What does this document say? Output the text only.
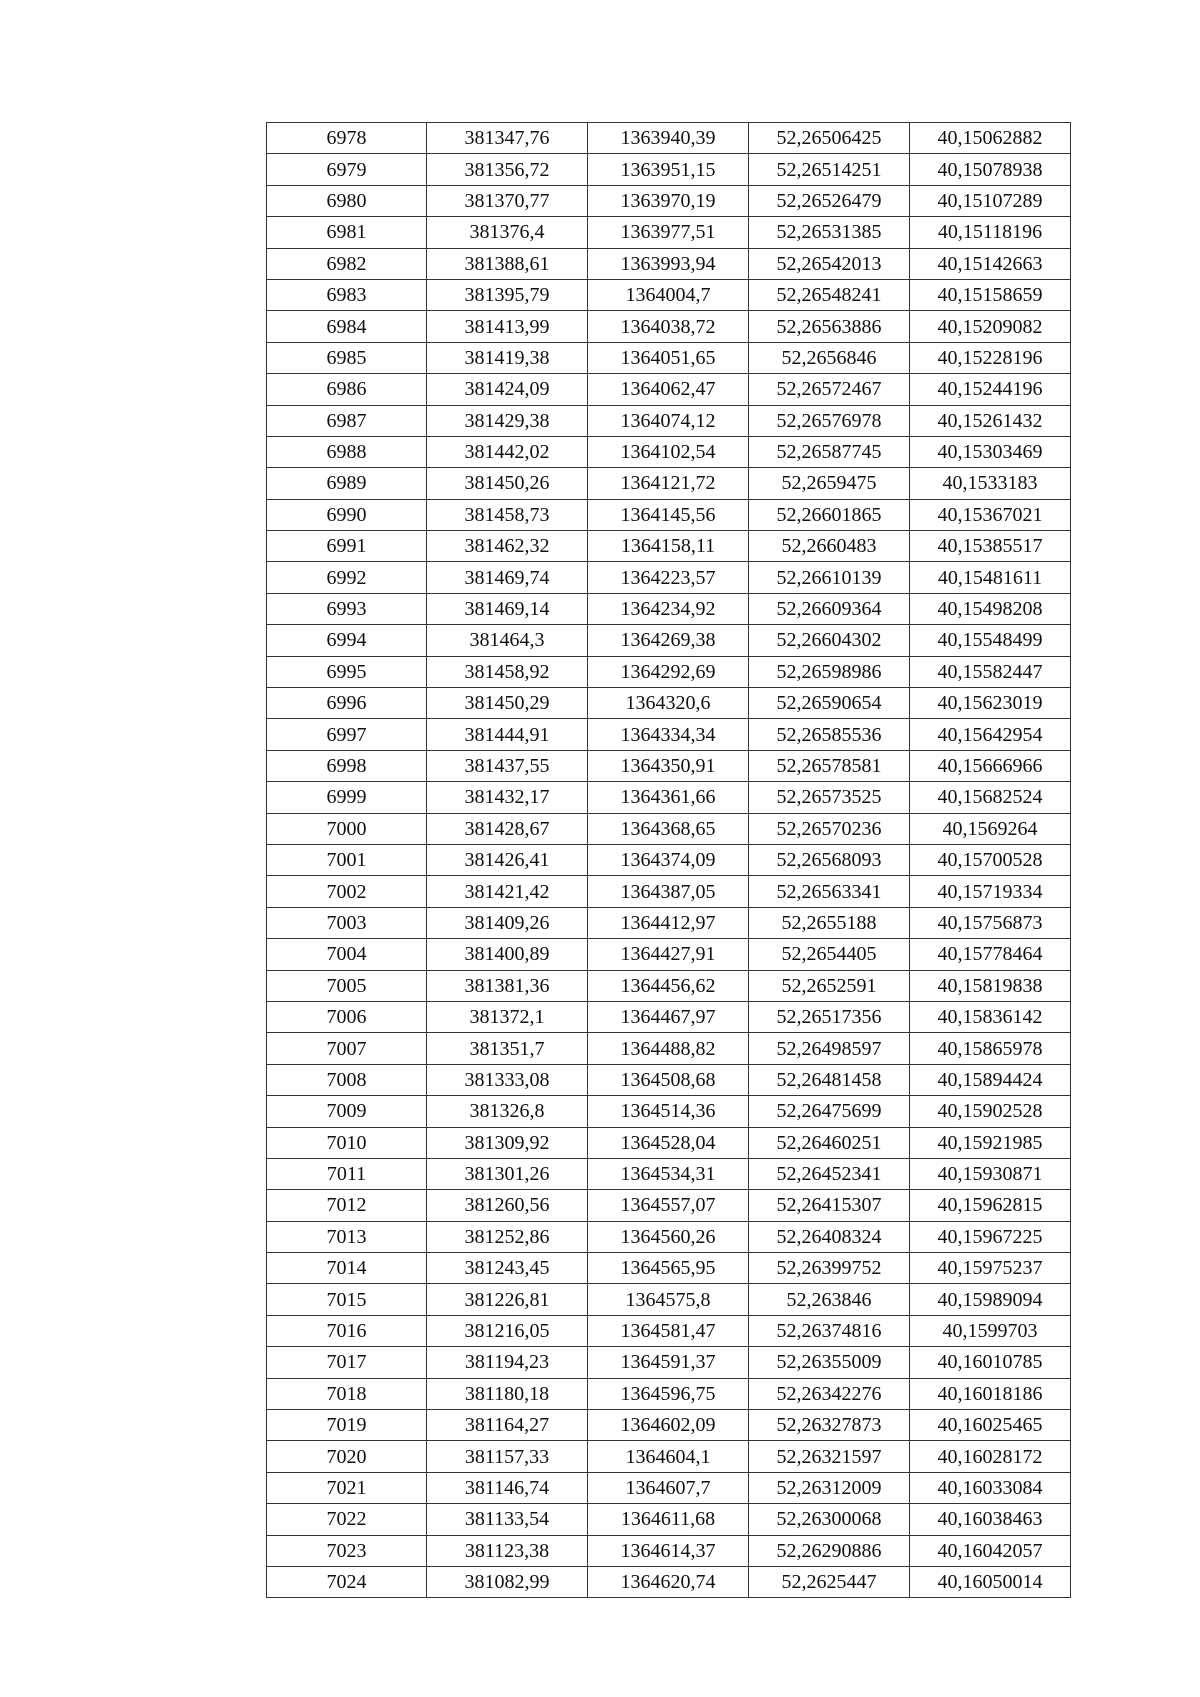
6978	381347,76	1363940,39	52,26506425	40,15062882
6979	381356,72	1363951,15	52,26514251	40,15078938
6980	381370,77	1363970,19	52,26526479	40,15107289
6981	381376,4	1363977,51	52,26531385	40,15118196
6982	381388,61	1363993,94	52,26542013	40,15142663
6983	381395,79	1364004,7	52,26548241	40,15158659
6984	381413,99	1364038,72	52,26563886	40,15209082
6985	381419,38	1364051,65	52,2656846	40,15228196
6986	381424,09	1364062,47	52,26572467	40,15244196
6987	381429,38	1364074,12	52,26576978	40,15261432
6988	381442,02	1364102,54	52,26587745	40,15303469
6989	381450,26	1364121,72	52,2659475	40,1533183
6990	381458,73	1364145,56	52,26601865	40,15367021
6991	381462,32	1364158,11	52,2660483	40,15385517
6992	381469,74	1364223,57	52,26610139	40,15481611
6993	381469,14	1364234,92	52,26609364	40,15498208
6994	381464,3	1364269,38	52,26604302	40,15548499
6995	381458,92	1364292,69	52,26598986	40,15582447
6996	381450,29	1364320,6	52,26590654	40,15623019
6997	381444,91	1364334,34	52,26585536	40,15642954
6998	381437,55	1364350,91	52,26578581	40,15666966
6999	381432,17	1364361,66	52,26573525	40,15682524
7000	381428,67	1364368,65	52,26570236	40,1569264
7001	381426,41	1364374,09	52,26568093	40,15700528
7002	381421,42	1364387,05	52,26563341	40,15719334
7003	381409,26	1364412,97	52,2655188	40,15756873
7004	381400,89	1364427,91	52,2654405	40,15778464
7005	381381,36	1364456,62	52,2652591	40,15819838
7006	381372,1	1364467,97	52,26517356	40,15836142
7007	381351,7	1364488,82	52,26498597	40,15865978
7008	381333,08	1364508,68	52,26481458	40,15894424
7009	381326,8	1364514,36	52,26475699	40,15902528
7010	381309,92	1364528,04	52,26460251	40,15921985
7011	381301,26	1364534,31	52,26452341	40,15930871
7012	381260,56	1364557,07	52,26415307	40,15962815
7013	381252,86	1364560,26	52,26408324	40,15967225
7014	381243,45	1364565,95	52,26399752	40,15975237
7015	381226,81	1364575,8	52,263846	40,15989094
7016	381216,05	1364581,47	52,26374816	40,1599703
7017	381194,23	1364591,37	52,26355009	40,16010785
7018	381180,18	1364596,75	52,26342276	40,16018186
7019	381164,27	1364602,09	52,26327873	40,16025465
7020	381157,33	1364604,1	52,26321597	40,16028172
7021	381146,74	1364607,7	52,26312009	40,16033084
7022	381133,54	1364611,68	52,26300068	40,16038463
7023	381123,38	1364614,37	52,26290886	40,16042057
7024	381082,99	1364620,74	52,2625447	40,16050014
